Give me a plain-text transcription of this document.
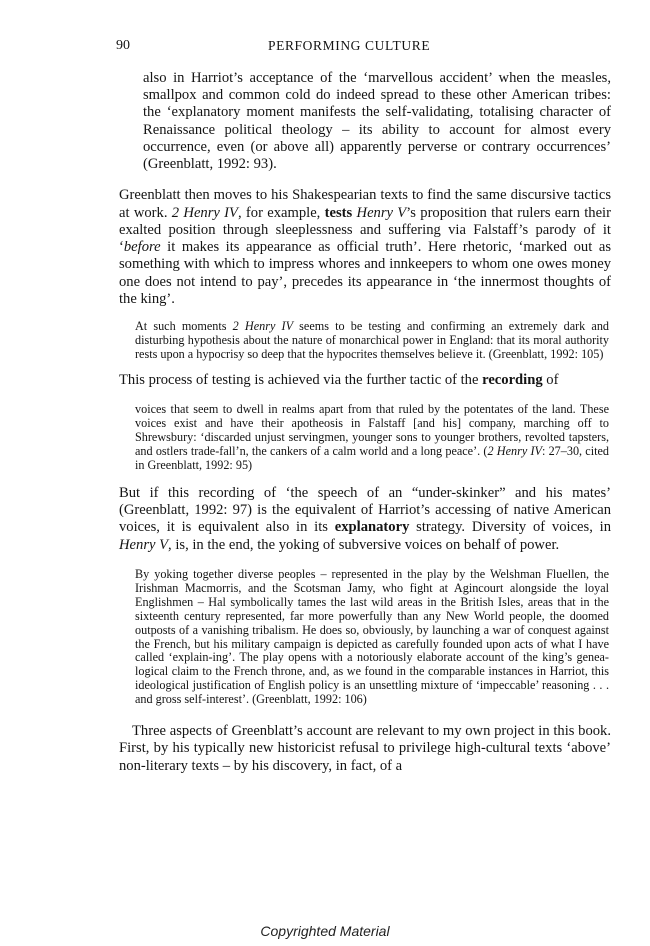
90	PERFORMING CULTURE

also in Harriot’s acceptance of the ‘marvellous accident’ when the measles, smallpox and common cold do indeed spread to these other American tribes: the ‘explanatory moment manifests the self-validating, totalising character of Renaissance political theology – its ability to account for almost every occurrence, even (or above all) apparently perverse or contrary occurrences’ (Greenblatt, 1992: 93).

Greenblatt then moves to his Shakespearian texts to find the same discursive tactics at work. 2 Henry IV, for example, tests Henry V’s proposition that rulers earn their exalted position through sleeplessness and suffering via Falstaff’s parody of it ‘before it makes its appearance as official truth’. Here rhetoric, ‘marked out as something with which to impress whores and innkeepers to whom one owes money one does not intend to pay’, precedes its appearance in ‘the innermost thoughts of the king’.

At such moments 2 Henry IV seems to be testing and confirming an extremely dark and disturbing hypothesis about the nature of monarchical power in England: that its moral authority rests upon a hypocrisy so deep that the hypocrites themselves believe it. (Greenblatt, 1992: 105)

This process of testing is achieved via the further tactic of the recording of

voices that seem to dwell in realms apart from that ruled by the potentates of the land. These voices exist and have their apotheosis in Falstaff [and his] company, marching off to Shrewsbury: ‘discarded unjust servingmen, younger sons to younger brothers, revolted tapsters, and ostlers trade-fall’n, the cankers of a calm world and a long peace’. (2 Henry IV: 27–30, cited in Greenblatt, 1992: 95)

But if this recording of ‘the speech of an “under-skinker” and his mates’ (Greenblatt, 1992: 97) is the equivalent of Harriot’s accessing of native American voices, it is equivalent also in its explanatory strategy. Diversity of voices, in Henry V, is, in the end, the yoking of subversive voices on behalf of power.

By yoking together diverse peoples – represented in the play by the Welshman Fluellen, the Irishman Macmorris, and the Scotsman Jamy, who fight at Agincourt alongside the loyal Englishmen – Hal symbolically tames the last wild areas in the British Isles, areas that in the sixteenth century represented, far more powerfully than any New World people, the doomed outposts of a vanishing tribalism. He does so, obviously, by launching a war of conquest against the French, but his military campaign is depicted as carefully founded upon acts of what I have called ‘explain-ing’. The play opens with a notoriously elaborate account of the king’s genea-logical claim to the French throne, and, as we found in the comparable instances in Harriot, this ideological justification of English policy is an unsettling mixture of ‘impeccable’ reasoning . . . and gross self-interest’. (Greenblatt, 1992: 106)

Three aspects of Greenblatt’s account are relevant to my own project in this book. First, by his typically new historicist refusal to privilege high-cultural texts ‘above’ non-literary texts – by his discovery, in fact, of a

Copyrighted Material
